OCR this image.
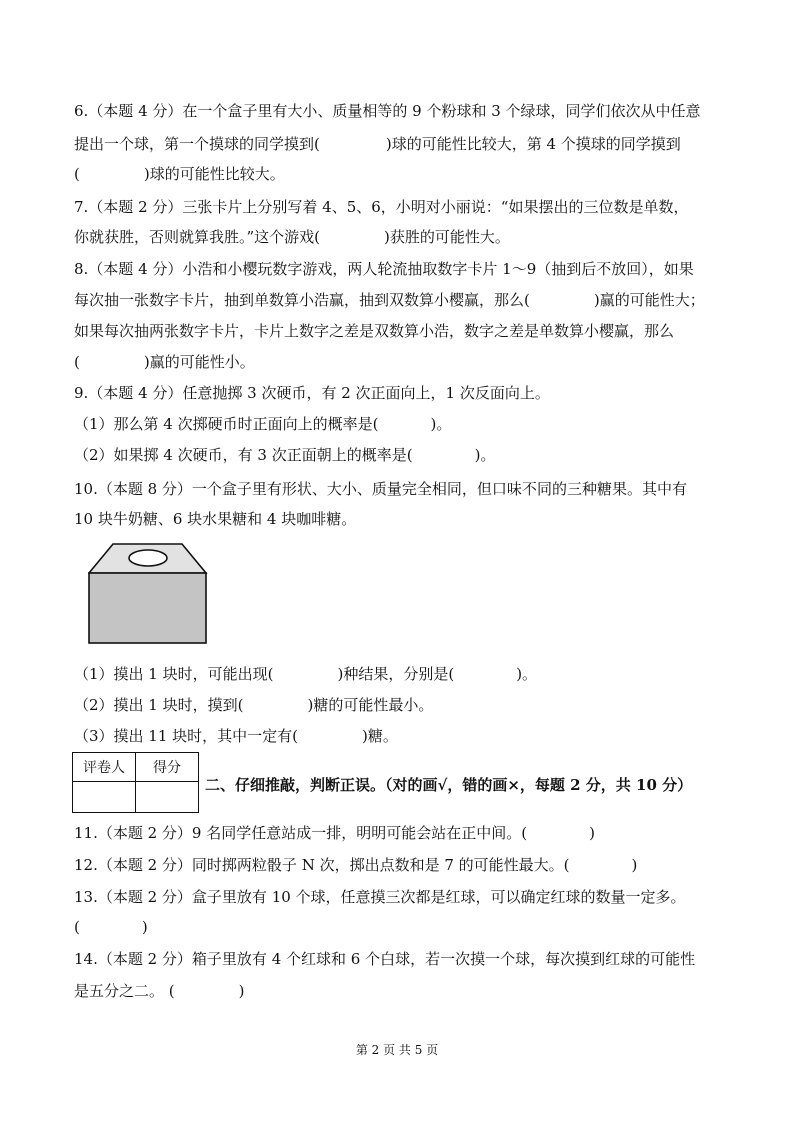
6.（本题 4 分）在一个盒子里有大小、质量相等的 9 个粉球和 3 个绿球，同学们依次从中任意
提出一个球，第一个摸球的同学摸到(	)球的可能性比较大，第 4 个摸球的同学摸到
(	)球的可能性比较大。
7.（本题 2 分）三张卡片上分别写着 4、5、6，小明对小丽说：“如果摆出的三位数是单数，
你就获胜，否则就算我胜。”这个游戏(	)获胜的可能性大。
8.（本题 4 分）小浩和小樱玩数字游戏，两人轮流抽取数字卡片 1～9（抽到后不放回），如果
每次抽一张数字卡片，抽到单数算小浩赢，抽到双数算小樱赢，那么(	)赢的可能性大；
如果每次抽两张数字卡片，卡片上数字之差是双数算小浩，数字之差是单数算小樱赢，那么
(	)赢的可能性小。
9.（本题 4 分）任意抛掷 3 次硬币，有 2 次正面向上，1 次反面向上。
（1）那么第 4 次掷硬币时正面向上的概率是(	)。
（2）如果掷 4 次硬币，有 3 次正面朝上的概率是(	)。
10.（本题 8 分）一个盒子里有形状、大小、质量完全相同，但口味不同的三种糖果。其中有
10 块牛奶糖、6 块水果糖和 4 块咖啡糖。
（1）摸出 1 块时，可能出现(	)种结果，分别是(	)。
（2）摸出 1 块时，摸到(	)糖的可能性最小。
（3）摸出 11 块时，其中一定有(	)糖。
评卷人	得分

二、仔细推敲，判断正误。（对的画√，错的画×，每题 2 分，共 10 分）
11.（本题 2 分）9 名同学任意站成一排，明明可能会站在正中间。(	)
12.（本题 2 分）同时掷两粒骰子 N 次，掷出点数和是 7 的可能性最大。(	)
13.（本题 2 分）盒子里放有 10 个球，任意摸三次都是红球，可以确定红球的数量一定多。
(	)
14.（本题 2 分）箱子里放有 4 个红球和 6 个白球，若一次摸一个球，每次摸到红球的可能性
是五分之二。 (	)
第 2 页 共 5 页
